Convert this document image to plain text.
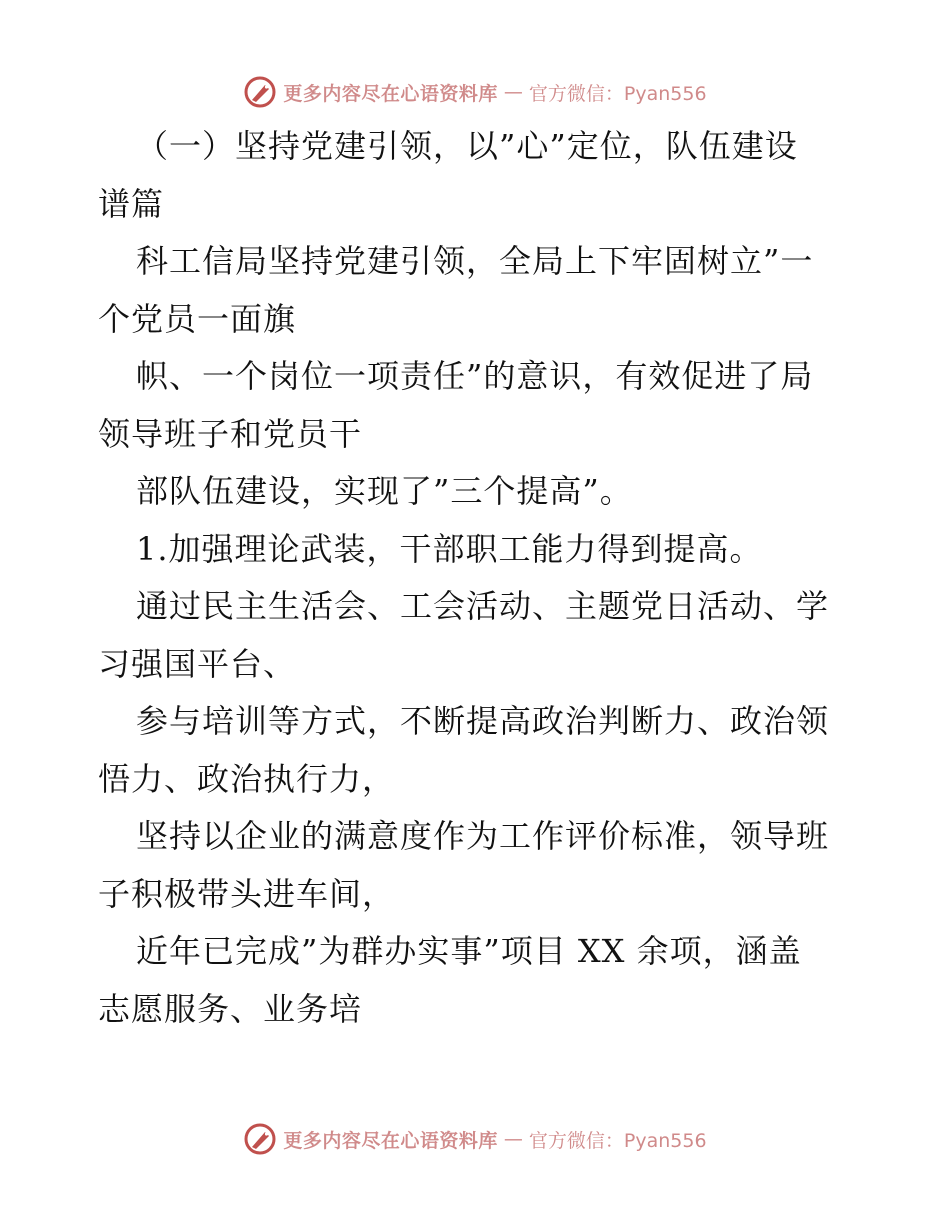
更多内容尽在心语资料库 — 官方微信：Pyan556
（一）坚持党建引领，以”心”定位，队伍建设
谱篇
科工信局坚持党建引领，全局上下牢固树立”一
个党员一面旗
帜、一个岗位一项责任”的意识，有效促进了局
领导班子和党员干
部队伍建设，实现了”三个提高”。
1.加强理论武装，干部职工能力得到提高。
通过民主生活会、工会活动、主题党日活动、学
习强国平台、
参与培训等方式，不断提高政治判断力、政治领
悟力、政治执行力，
坚持以企业的满意度作为工作评价标准，领导班
子积极带头进车间，
近年已完成”为群办实事”项目 XX 余项，涵盖
志愿服务、业务培
更多内容尽在心语资料库 — 官方微信：Pyan556
